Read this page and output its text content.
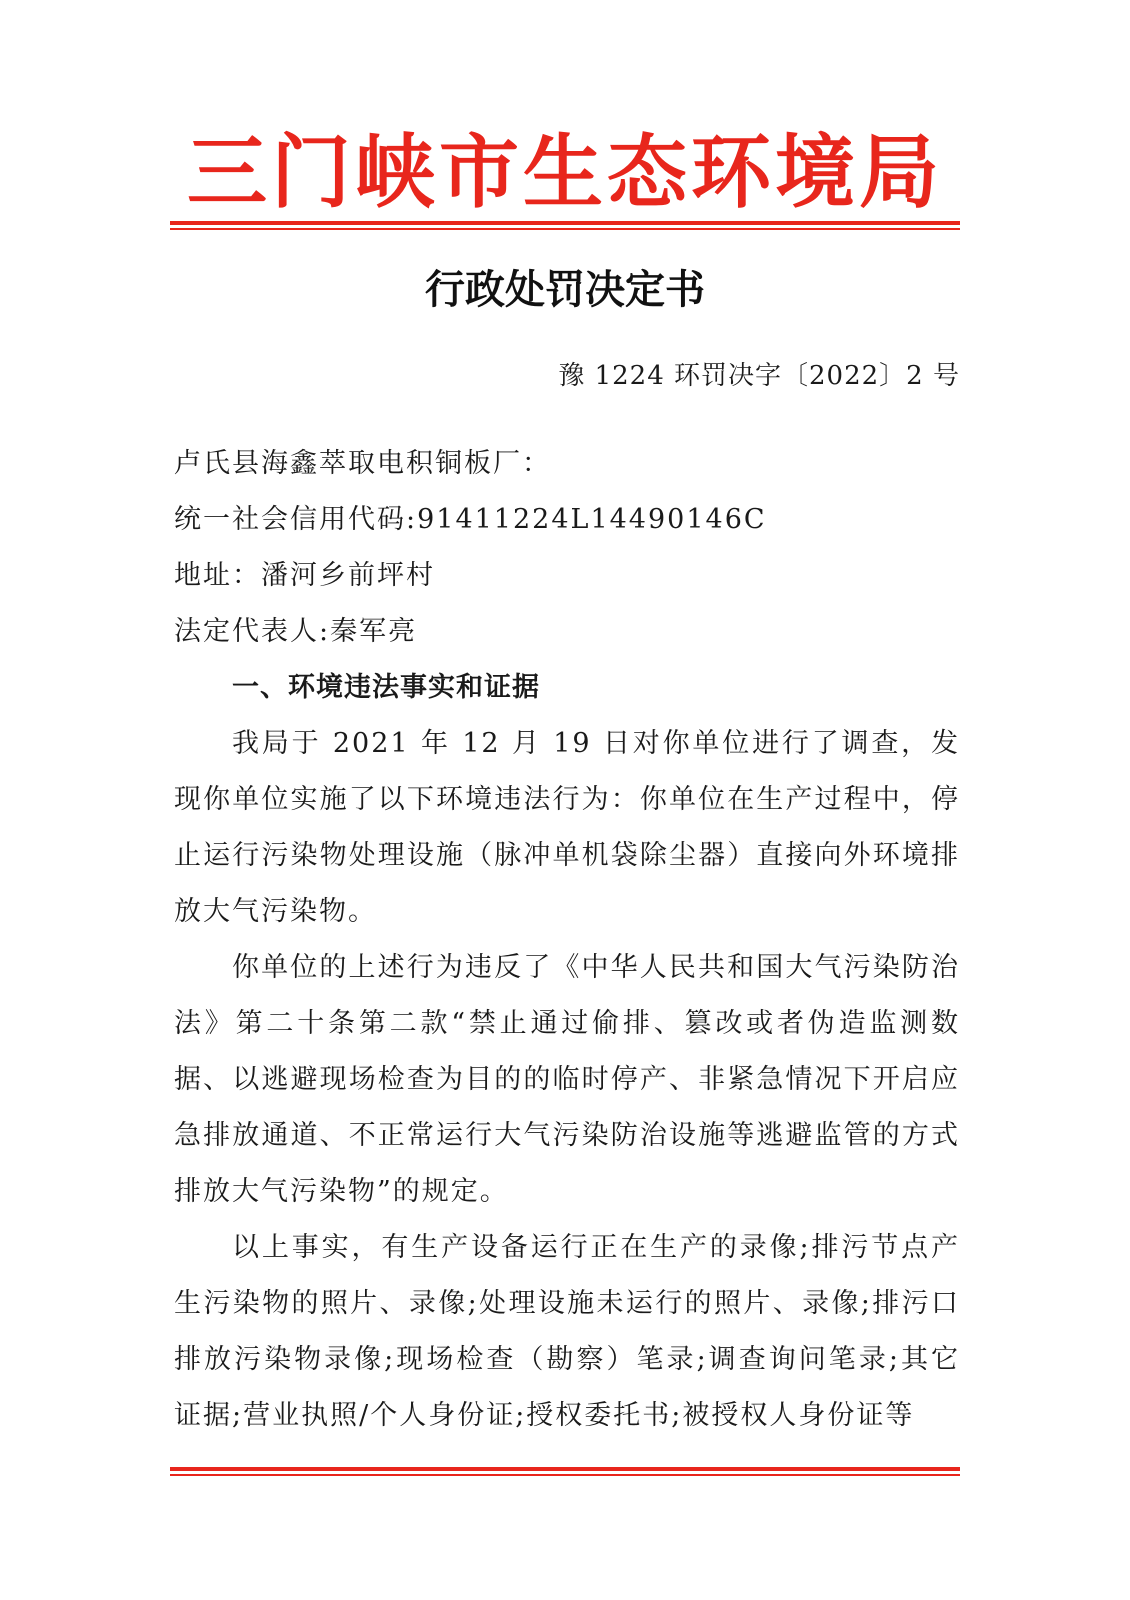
三门峡市生态环境局
行政处罚决定书
豫 1224 环罚决字〔2022〕2 号
卢氏县海鑫萃取电积铜板厂：
统一社会信用代码:91411224L14490146C
地址：潘河乡前坪村
法定代表人:秦军亮
一、环境违法事实和证据

我局于 2021 年 12 月 19 日对你单位进行了调查，发现你单位实施了以下环境违法行为：你单位在生产过程中，停止运行污染物处理设施（脉冲单机袋除尘器）直接向外环境排放大气污染物。

你单位的上述行为违反了《中华人民共和国大气污染防治法》第二十条第二款“禁止通过偷排、篡改或者伪造监测数据、以逃避现场检查为目的的临时停产、非紧急情况下开启应急排放通道、不正常运行大气污染防治设施等逃避监管的方式排放大气污染物”的规定。

以上事实，有生产设备运行正在生产的录像;排污节点产生污染物的照片、录像;处理设施未运行的照片、录像;排污口排放污染物录像;现场检查（勘察）笔录;调查询问笔录;其它证据;营业执照/个人身份证;授权委托书;被授权人身份证等
